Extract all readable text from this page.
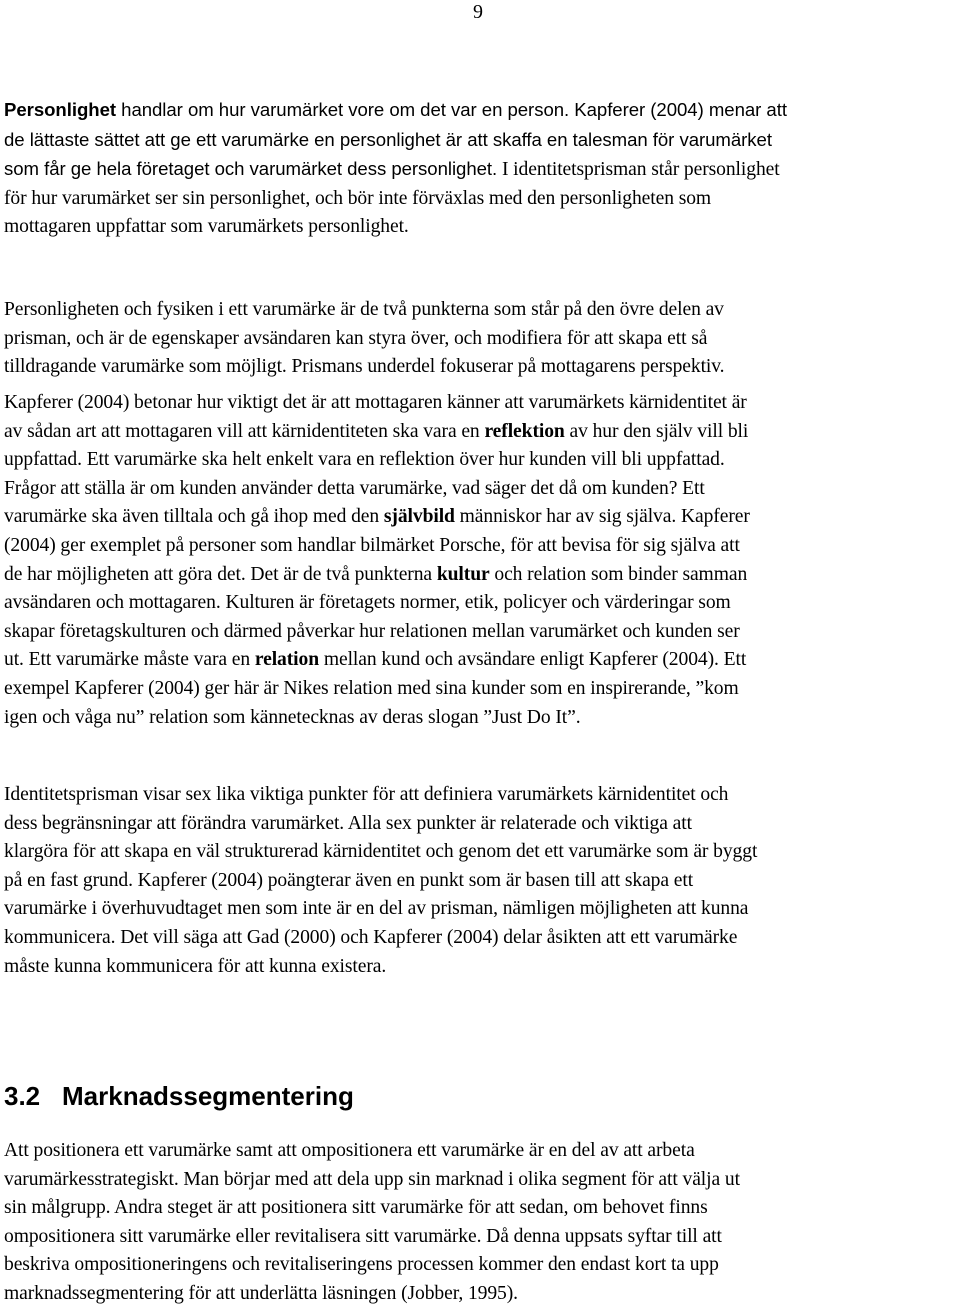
9
Personlighet handlar om hur varumärket vore om det var en person. Kapferer (2004) menar att
de lättaste sättet att ge ett varumärke en personlighet är att skaffa en talesman för varumärket
som får ge hela företaget och varumärket dess personlighet. I identitetsprisman står personlighet
för hur varumärket ser sin personlighet, och bör inte förväxlas med den personligheten som
mottagaren uppfattar som varumärkets personlighet.
Personligheten och fysiken i ett varumärke är de två punkterna som står på den övre delen av
prisman, och är de egenskaper avsändaren kan styra över, och modifiera för att skapa ett så
tilldragande varumärke som möjligt. Prismans underdel fokuserar på mottagarens perspektiv.
Kapferer (2004) betonar hur viktigt det är att mottagaren känner att varumärkets kärnidentitet är
av sådan art att mottagaren vill att kärnidentiteten ska vara en reflektion av hur den själv vill bli
uppfattad. Ett varumärke ska helt enkelt vara en reflektion över hur kunden vill bli uppfattad.
Frågor att ställa är om kunden använder detta varumärke, vad säger det då om kunden? Ett
varumärke ska även tilltala och gå ihop med den självbild människor har av sig själva. Kapferer
(2004) ger exemplet på personer som handlar bilmärket Porsche, för att bevisa för sig själva att
de har möjligheten att göra det. Det är de två punkterna kultur och relation som binder samman
avsändaren och mottagaren. Kulturen är företagets normer, etik, policyer och värderingar som
skapar företagskulturen och därmed påverkar hur relationen mellan varumärket och kunden ser
ut. Ett varumärke måste vara en relation mellan kund och avsändare enligt Kapferer (2004). Ett
exempel Kapferer (2004) ger här är Nikes relation med sina kunder som en inspirerande, ”kom
igen och våga nu” relation som kännetecknas av deras slogan ”Just Do It”.
Identitetsprisman visar sex lika viktiga punkter för att definiera varumärkets kärnidentitet och
dess begränsningar att förändra varumärket. Alla sex punkter är relaterade och viktiga att
klargöra för att skapa en väl strukturerad kärnidentitet och genom det ett varumärke som är byggt
på en fast grund. Kapferer (2004) poängterar även en punkt som är basen till att skapa ett
varumärke i överhuvudtaget men som inte är en del av prisman, nämligen möjligheten att kunna
kommunicera. Det vill säga att Gad (2000) och Kapferer (2004) delar åsikten att ett varumärke
måste kunna kommunicera för att kunna existera.
3.2 Marknadssegmentering
Att positionera ett varumärke samt att ompositionera ett varumärke är en del av att arbeta
varumärkesstrategiskt. Man börjar med att dela upp sin marknad i olika segment för att välja ut
sin målgrupp. Andra steget är att positionera sitt varumärke för att sedan, om behovet finns
ompositionera sitt varumärke eller revitalisera sitt varumärke. Då denna uppsats syftar till att
beskriva ompositioneringens och revitaliseringens processen kommer den endast kort ta upp
marknadssegmentering för att underlätta läsningen (Jobber, 1995).
